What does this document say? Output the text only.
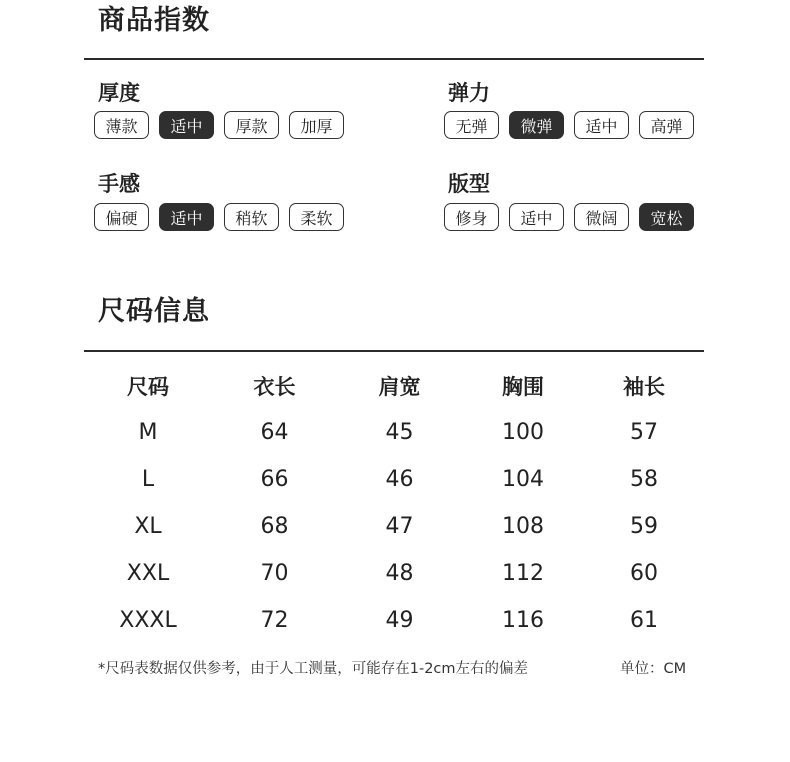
商品指数
厚度
薄款	适中	厚款	加厚
弹力
无弹	微弹	适中	高弹
手感
偏硬	适中	稍软	柔软
版型
修身	适中	微阔	宽松
尺码信息
尺码	衣长	肩宽	胸围	袖长
M	64	45	100	57
L	66	46	104	58
XL	68	47	108	59
XXL	70	48	112	60
XXXL	72	49	116	61
*尺码表数据仅供参考，由于人工测量，可能存在1-2cm左右的偏差	单位：CM
